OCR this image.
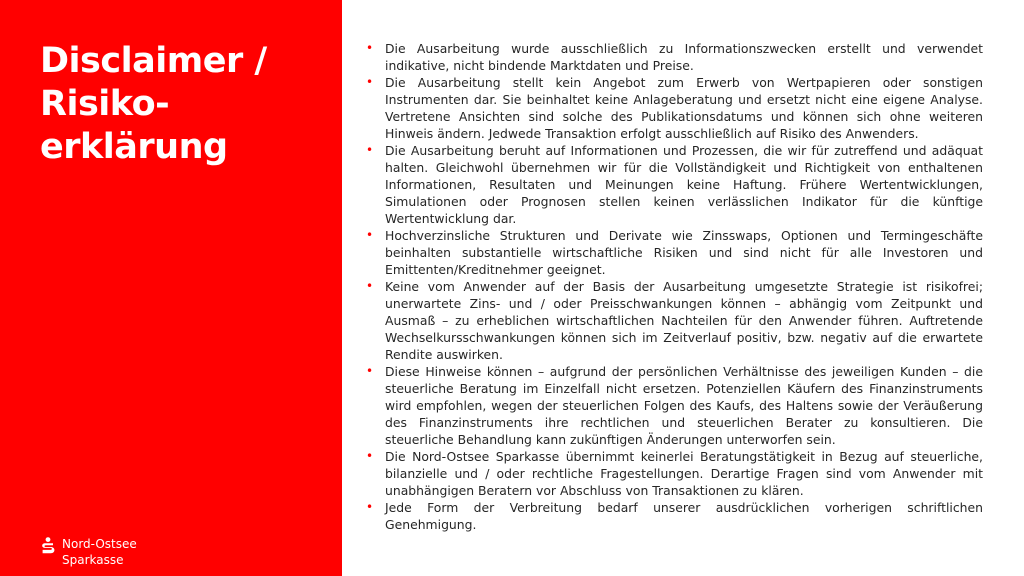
Disclaimer /
Risiko-
erklärung
Nord-Ostsee
Sparkasse
• Die Ausarbeitung wurde ausschließlich zu Informationszwecken erstellt und verwendet indikative, nicht bindende Marktdaten und Preise.
• Die Ausarbeitung stellt kein Angebot zum Erwerb von Wertpapieren oder sonstigen Instrumenten dar. Sie beinhaltet keine Anlageberatung und ersetzt nicht eine eigene Analyse. Vertretene Ansichten sind solche des Publikationsdatums und können sich ohne weiteren Hinweis ändern. Jedwede Transaktion erfolgt ausschließlich auf Risiko des Anwenders.
• Die Ausarbeitung beruht auf Informationen und Prozessen, die wir für zutreffend und adäquat halten. Gleichwohl übernehmen wir für die Vollständigkeit und Richtigkeit von enthaltenen Informationen, Resultaten und Meinungen keine Haftung. Frühere Wertentwicklungen, Simulationen oder Prognosen stellen keinen verlässlichen Indikator für die künftige Wertentwicklung dar.
• Hochverzinsliche Strukturen und Derivate wie Zinsswaps, Optionen und Termingeschäfte beinhalten substantielle wirtschaftliche Risiken und sind nicht für alle Investoren und Emittenten/Kreditnehmer geeignet.
• Keine vom Anwender auf der Basis der Ausarbeitung umgesetzte Strategie ist risikofrei; unerwartete Zins- und / oder Preisschwankungen können – abhängig vom Zeitpunkt und Ausmaß – zu erheblichen wirtschaftlichen Nachteilen für den Anwender führen. Auftretende Wechselkursschwankungen können sich im Zeitverlauf positiv, bzw. negativ auf die erwartete Rendite auswirken.
• Diese Hinweise können – aufgrund der persönlichen Verhältnisse des jeweiligen Kunden – die steuerliche Beratung im Einzelfall nicht ersetzen. Potenziellen Käufern des Finanzinstruments wird empfohlen, wegen der steuerlichen Folgen des Kaufs, des Haltens sowie der Veräußerung des Finanzinstruments ihre rechtlichen und steuerlichen Berater zu konsultieren. Die steuerliche Behandlung kann zukünftigen Änderungen unterworfen sein.
• Die Nord-Ostsee Sparkasse übernimmt keinerlei Beratungstätigkeit in Bezug auf steuerliche, bilanzielle und / oder rechtliche Fragestellungen. Derartige Fragen sind vom Anwender mit unabhängigen Beratern vor Abschluss von Transaktionen zu klären.
• Jede Form der Verbreitung bedarf unserer ausdrücklichen vorherigen schriftlichen Genehmigung.
